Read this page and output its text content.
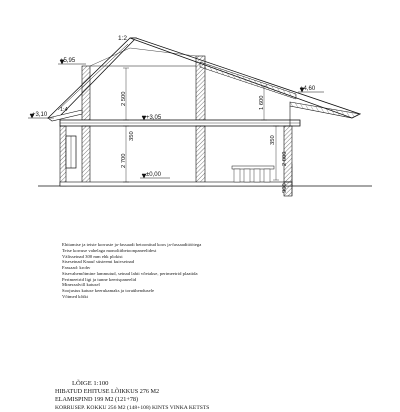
1:2
1:4
+5,95
+4,60
+3,10	+3,05
±0,00
2 500
2 700
350
1 600
350
2 000
900
Ehitamise ja teiste korruste ja-fassaadi betoonitud koos ja-fassaaditöötega
Teise korruse vahelaga monoliitbetoonpaneelidest
Välisseinad 300 mm ehk plokist
Siseseinad Knauf süsteemi kuivseinad
Fassaad: krohv
Sisevahemõtmine lammutud, seinad lahti võetakse, perimeetrid plaatida
Perimeetrid ligi ja tunne keerispaneelid
Mineraalvill katusel
Soojustus katuse keerukamaks ja toruühendusele
Võtmed kõikt
LÕIGE 1:100
HIBATUD EHITUSE LÕIKKUS 276 M2
ELAMISPIND 199 M2 (121+78)
KORRUSEP. KOKKU 256 M2 (148+108) KINTS VINKA KETSTS
